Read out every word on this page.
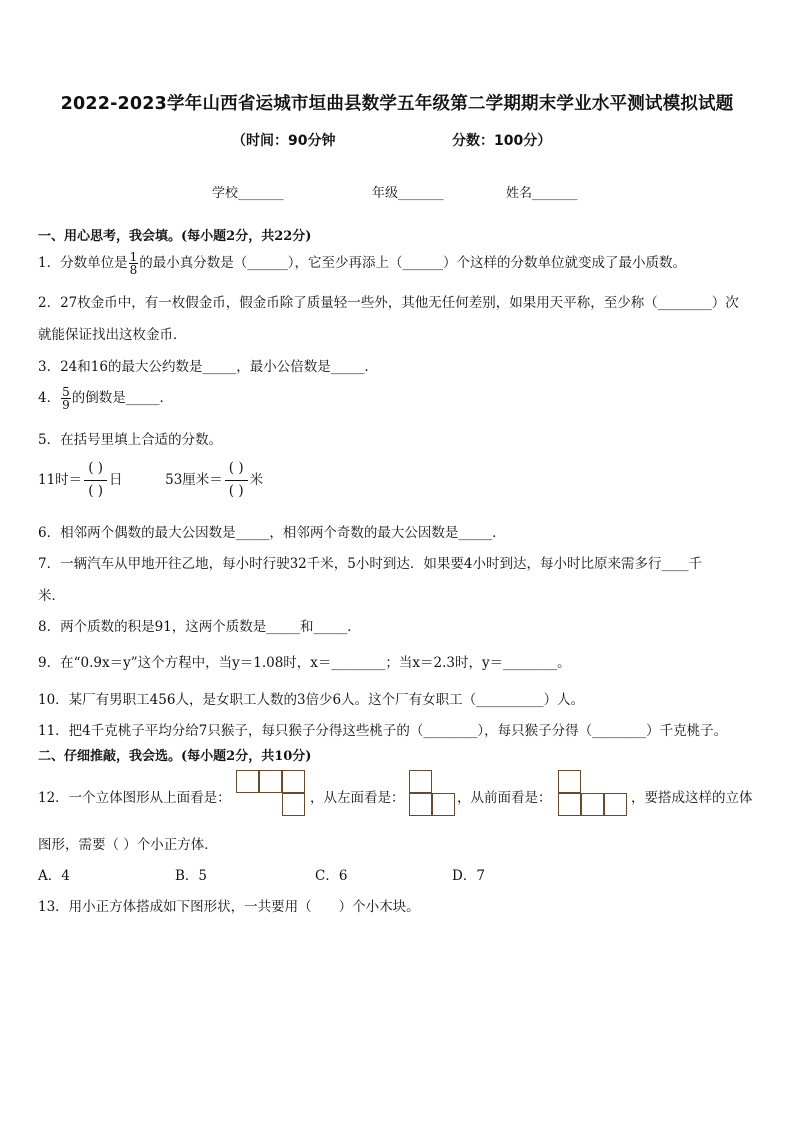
2022-2023学年山西省运城市垣曲县数学五年级第二学期期末学业水平测试模拟试题
（时间：90分钟	分数：100分）
学校_______	年级_______	姓名_______
一、用心思考，我会填。(每小题2分，共22分)
1．分数单位是 $\frac{1}{8}$ 的最小真分数是（______），它至少再添上（______）个这样的分数单位就变成了最小质数。
2．27枚金币中，有一枚假金币，假金币除了质量轻一些外，其他无任何差别，如果用天平称，至少称（________）次
就能保证找出这枚金币．
3．24和16的最大公约数是_____，最小公倍数是_____．
4． $\frac{5}{9}$ 的倒数是_____．
5．在括号里填上合适的分数。
11时＝
( )
( )
日	53厘米＝
( )
( )
米
6．相邻两个偶数的最大公因数是_____，相邻两个奇数的最大公因数是_____．
7．一辆汽车从甲地开往乙地，每小时行驶32千米，5小时到达．如果要4小时到达，每小时比原来需多行____千
米．
8．两个质数的积是91，这两个质数是_____和_____．
9．在“0.9x＝y”这个方程中，当y＝1.08时，x＝________；当x＝2.3时，y＝________。
10．某厂有男职工456人，是女职工人数的3倍少6人。这个厂有女职工（__________）人。
11．把4千克桃子平均分给7只猴子，每只猴子分得这些桃子的（________），每只猴子分得（________）千克桃子。
二、仔细推敲，我会选。(每小题2分，共10分)
12．一个立体图形从上面看是：	，从左面看是：	，从前面看是：	，要搭成这样的立体
图形，需要（ ）个小正方体．
A．4	B．5	C．6	D．7
13．用小正方体搭成如下图形状，一共要用（　　）个小木块。
